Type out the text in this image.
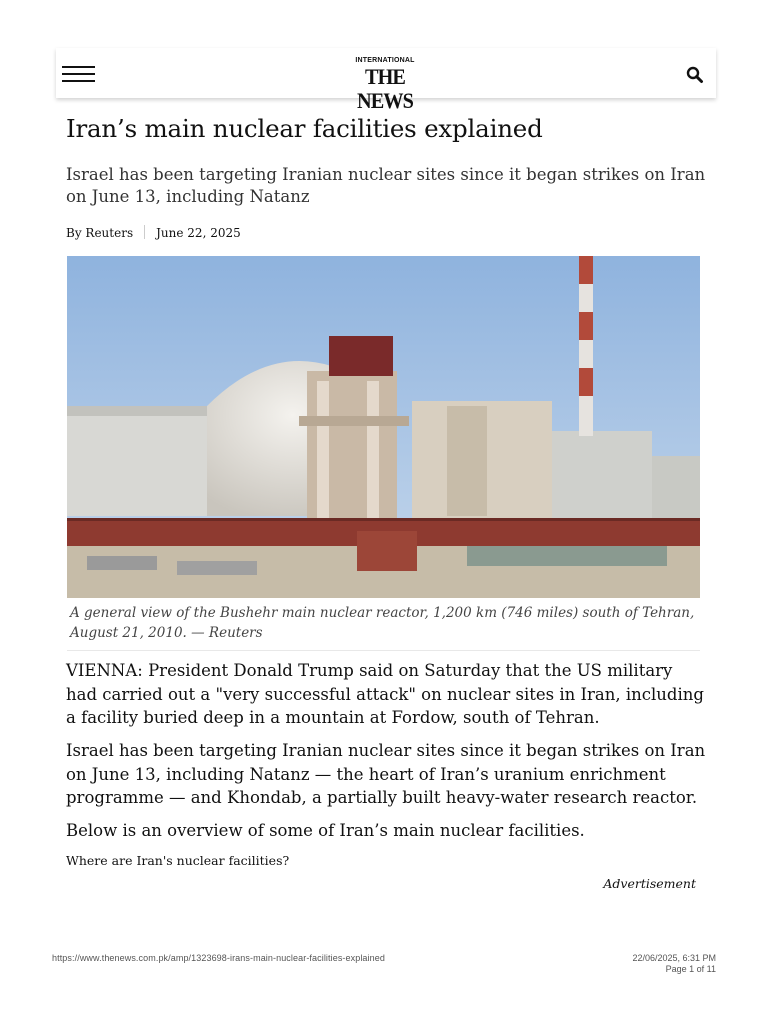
INTERNATIONAL
THE NEWS
Iran’s main nuclear facilities explained

Israel has been targeting Iranian nuclear sites since it began strikes on Iran on June 13, including Natanz

By Reuters June 22, 2025

A general view of the Bushehr main nuclear reactor, 1,200 km (746 miles) south of Tehran, August 21, 2010. — Reuters

VIENNA: President Donald Trump said on Saturday that the US military had carried out a "very successful attack" on nuclear sites in Iran, including a facility buried deep in a mountain at Fordow, south of Tehran.

Israel has been targeting Iranian nuclear sites since it began strikes on Iran on June 13, including Natanz — the heart of Iran’s uranium enrichment programme — and Khondab, a partially built heavy-water research reactor.

Below is an overview of some of Iran’s main nuclear facilities.

Where are Iran's nuclear facilities?

Advertisement
https://www.thenews.com.pk/amp/1323698-irans-main-nuclear-facilities-explained	22/06/2025, 6:31 PM
Page 1 of 11
